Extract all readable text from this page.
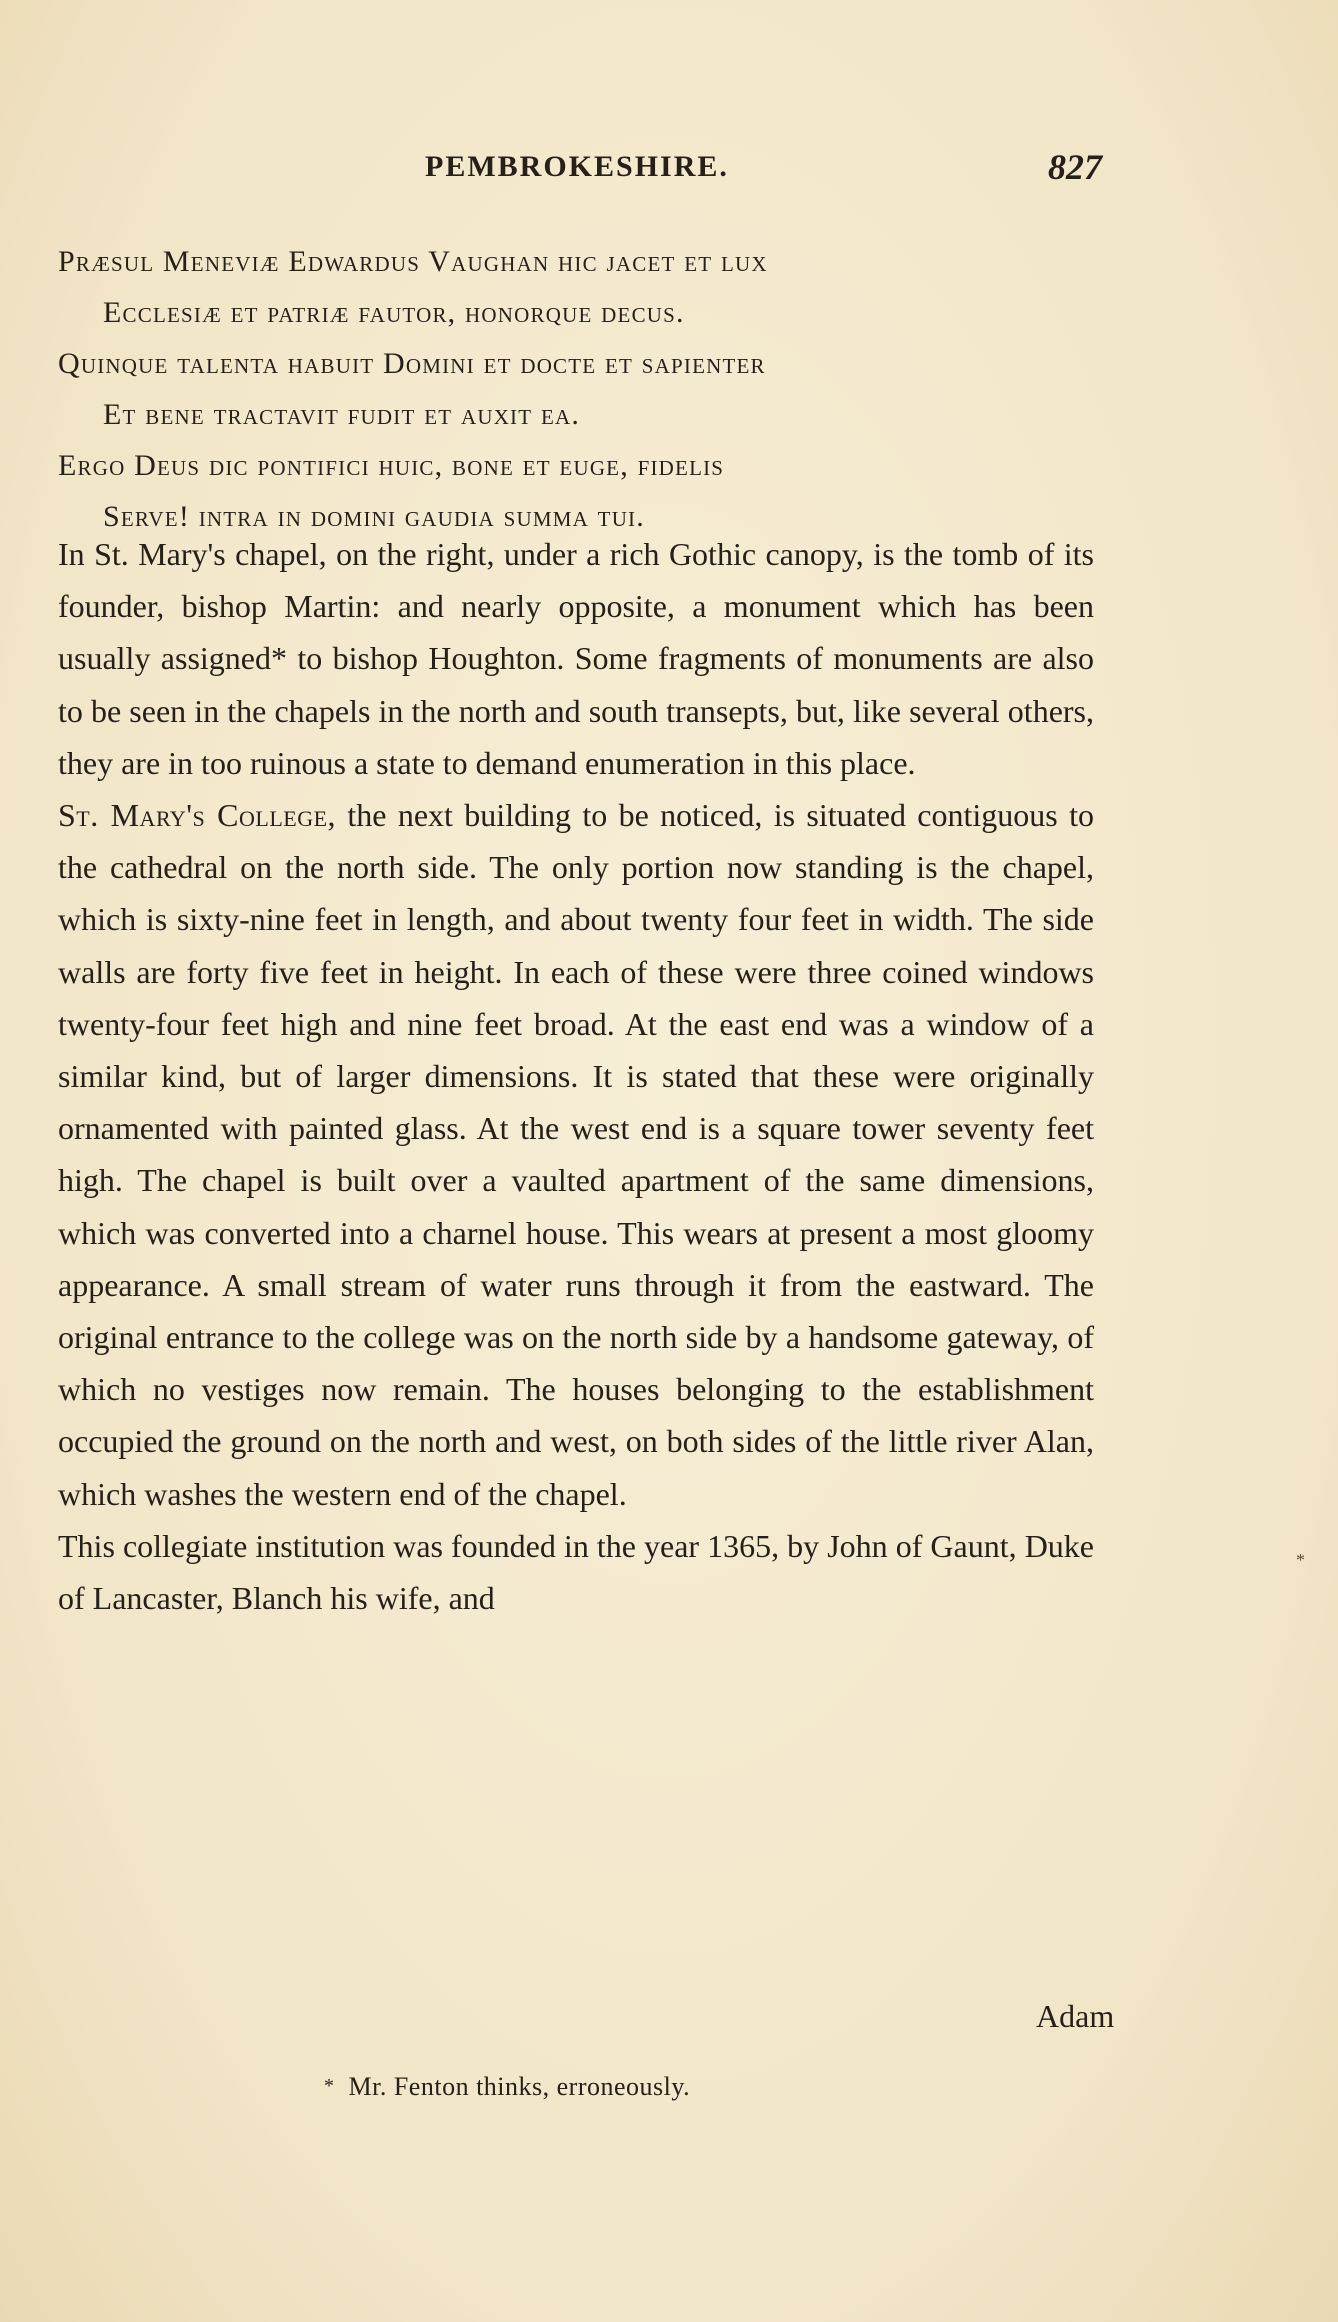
PEMBROKESHIRE.	827
Præsul Meneviæ Edwardus Vaughan hic jacet et lux
Ecclesiæ et patriæ fautor, honorque decus.
Quinque talenta habuit Domini et docte et sapienter
Et bene tractavit fudit et auxit ea.
Ergo Deus dic pontifici huic, bone et euge, fidelis
Serve! intra in domini gaudia summa tui.

In St. Mary's chapel, on the right, under a rich Gothic canopy, is the tomb of its founder, bishop Martin: and nearly opposite, a monument which has been usually assigned* to bishop Houghton. Some fragments of monuments are also to be seen in the chapels in the north and south transepts, but, like several others, they are in too ruinous a state to demand enumeration in this place.

St. Mary's College, the next building to be noticed, is situated contiguous to the cathedral on the north side. The only portion now standing is the chapel, which is sixty-nine feet in length, and about twenty four feet in width. The side walls are forty five feet in height. In each of these were three coined windows twenty-four feet high and nine feet broad. At the east end was a window of a similar kind, but of larger dimensions. It is stated that these were originally ornamented with painted glass. At the west end is a square tower seventy feet high. The chapel is built over a vaulted apartment of the same dimensions, which was converted into a charnel house. This wears at present a most gloomy appearance. A small stream of water runs through it from the eastward. The original entrance to the college was on the north side by a handsome gateway, of which no vestiges now remain. The houses belonging to the establishment occupied the ground on the north and west, on both sides of the little river Alan, which washes the western end of the chapel.

This collegiate institution was founded in the year 1365, by John of Gaunt, Duke of Lancaster, Blanch his wife, and

Adam
* Mr. Fenton thinks, erroneously.
*
